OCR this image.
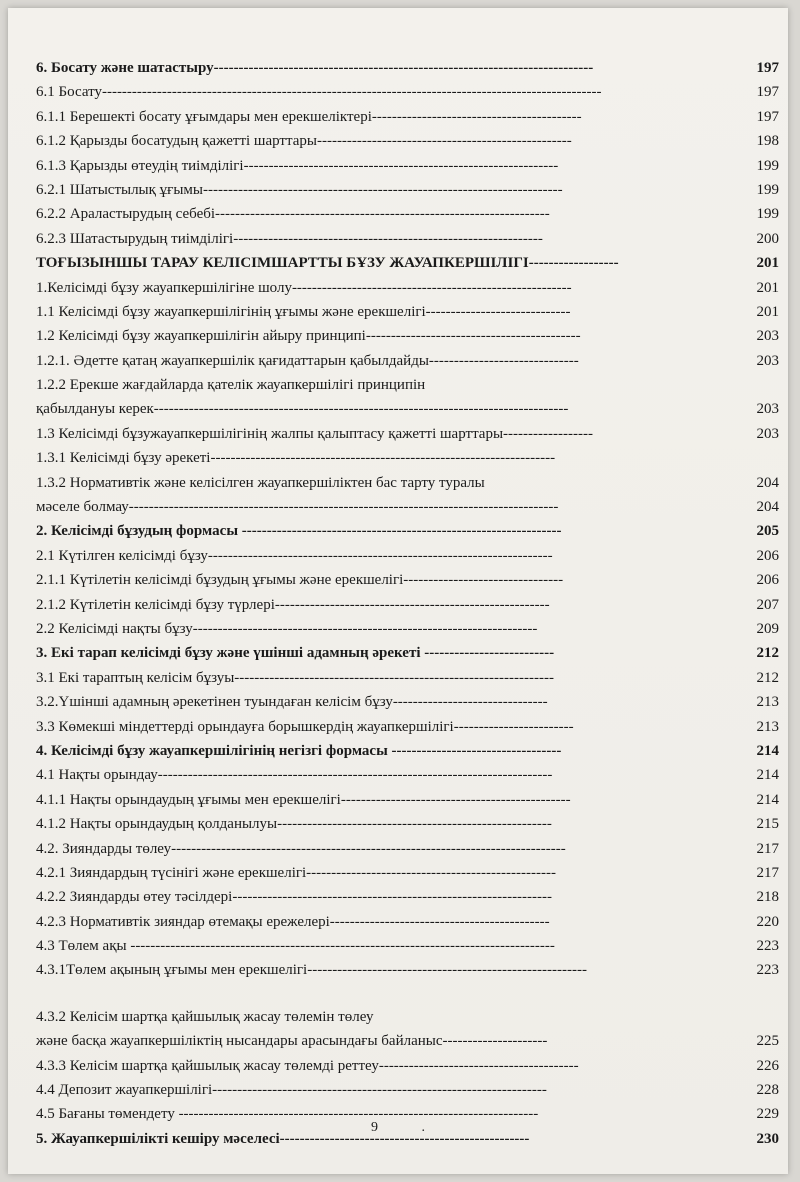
6. Босату және шатастыру----------------------------------------------------------------------------	197
6.1 Босату----------------------------------------------------------------------------------------------------	197
6.1.1 Берешекті босату ұғымдары мен ерекшеліктері------------------------------------------	197
6.1.2 Қарызды босатудың қажетті шарттары---------------------------------------------------	198
6.1.3 Қарызды өтеудің тиімділігі---------------------------------------------------------------	199
6.2.1 Шатыстылық ұғымы------------------------------------------------------------------------	199
6.2.2 Араластырудың себебі-------------------------------------------------------------------	199
6.2.3 Шатастырудың тиімділігі--------------------------------------------------------------	200
ТОҒЫЗЫНШЫ ТАРАУ КЕЛІСІМШАРТТЫ БҰЗУ ЖАУАПКЕРШІЛІГІ------------------	201
1.Келісімді бұзу жауапкершілігіне шолу--------------------------------------------------------	201
1.1 Келісімді бұзу жауапкершілігінің ұғымы және ерекшелігі-----------------------------	201
1.2 Келісімді бұзу жауапкершілігін айыру принципі-------------------------------------------	203
1.2.1. Әдетте қатаң жауапкершілік қағидаттарын қабылдайды------------------------------	203
1.2.2 Ерекше жағдайларда қателік жауапкершілігі принципін
қабылдануы керек-----------------------------------------------------------------------------------	203
1.3 Келісімді бұзужауапкершілігінің жалпы қалыптасу қажетті шарттары------------------	203
1.3.1 Келісімді бұзу әрекеті---------------------------------------------------------------------
1.3.2 Нормативтік және келісілген жауапкершіліктен бас тарту туралы	204
мәселе болмау--------------------------------------------------------------------------------------	204
2. Келісімді бұзудың формасы ----------------------------------------------------------------	205
2.1 Күтілген келісімді бұзу---------------------------------------------------------------------	206
2.1.1 Күтілетін келісімді бұзудың ұғымы және ерекшелігі--------------------------------	206
2.1.2 Күтілетін келісімді бұзу түрлері-------------------------------------------------------	207
2.2 Келісімді нақты бұзу---------------------------------------------------------------------	209
3. Екі тарап келісімді бұзу және үшінші адамның әрекеті --------------------------	212
3.1 Екі тараптың келісім бұзуы----------------------------------------------------------------	212
3.2.Үшінші адамның әрекетінен туындаған келісім бұзу-------------------------------	213
3.3 Көмекші міндеттерді орындауға борышкердің жауапкершілігі------------------------	213
4. Келісімді бұзу жауапкершілігінің негізгі формасы ----------------------------------	214
4.1 Нақты орындау-------------------------------------------------------------------------------	214
4.1.1 Нақты орындаудың ұғымы мен ерекшелігі----------------------------------------------	214
4.1.2 Нақты орындаудың қолданылуы-------------------------------------------------------	215
4.2. Зияндарды төлеу-------------------------------------------------------------------------------	217
4.2.1 Зияндардың түсінігі және ерекшелігі--------------------------------------------------	217
4.2.2 Зияндарды өтеу тәсілдері----------------------------------------------------------------	218
4.2.3 Нормативтік зияндар өтемақы ережелері--------------------------------------------	220
4.3 Төлем ақы -------------------------------------------------------------------------------------	223
4.3.1Төлем ақының ұғымы мен ерекшелігі--------------------------------------------------------	223
4.3.2 Келісім шартқа қайшылық жасау төлемін төлеу
және басқа жауапкершіліктің нысандары арасындағы байланыс---------------------	225
4.3.3 Келісім шартқа қайшылық жасау төлемді реттеу----------------------------------------	226
4.4 Депозит жауапкершілігі-------------------------------------------------------------------	228
4.5 Бағаны төмендету ------------------------------------------------------------------------	229
5. Жауапкершілікті кешіру мәселесі--------------------------------------------------	230
9	.
